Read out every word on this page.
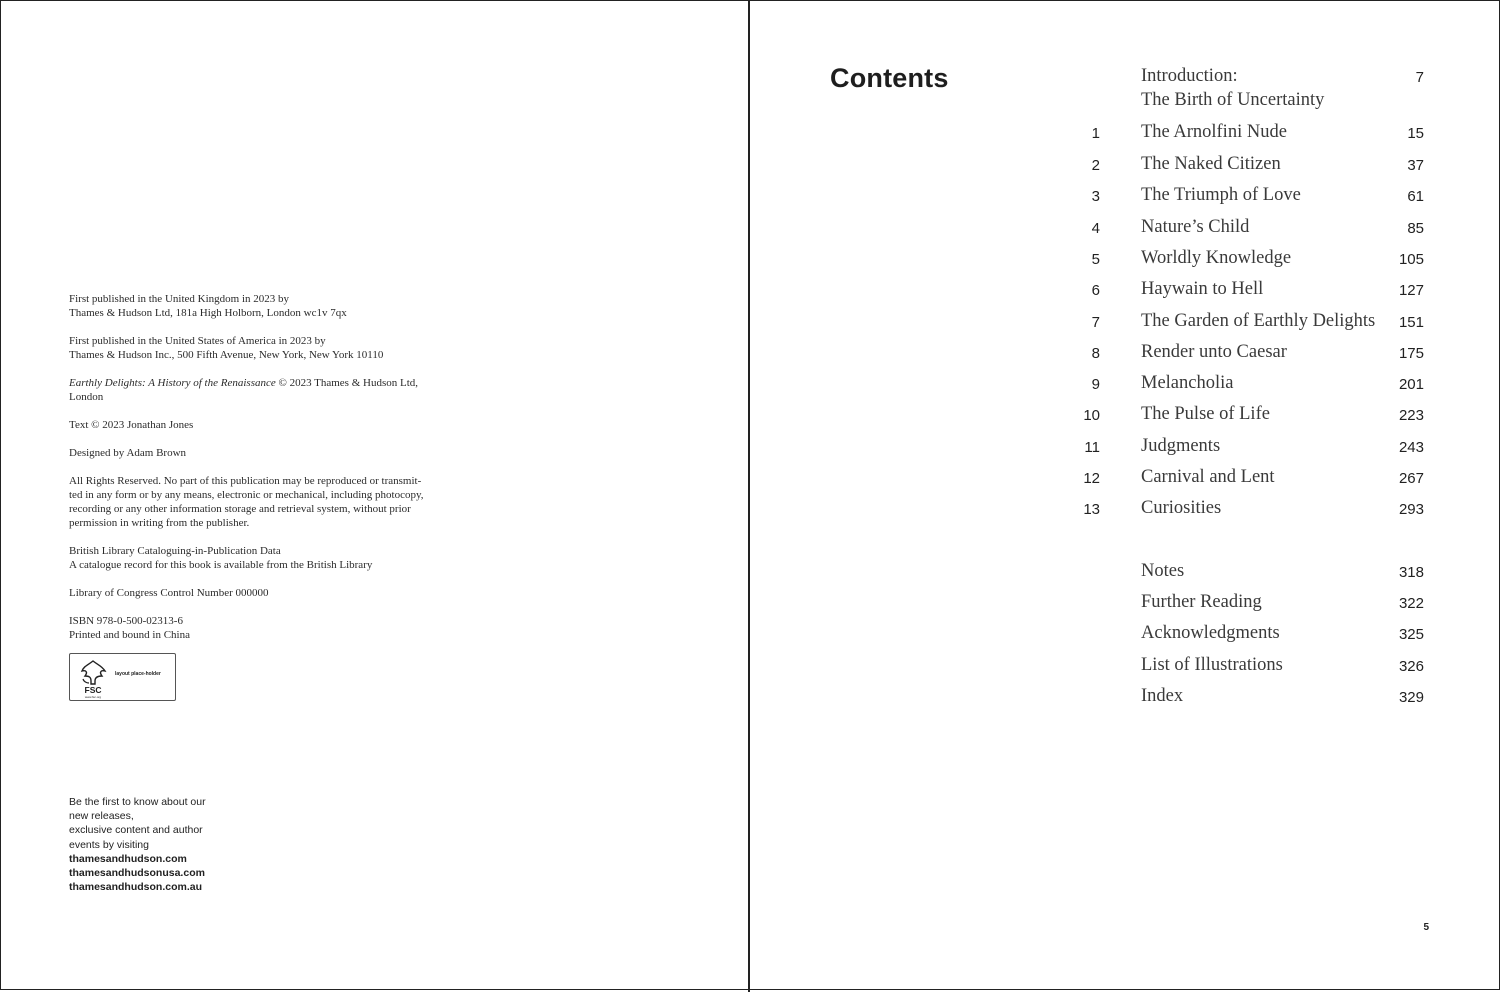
First published in the United Kingdom in 2023 by
Thames & Hudson Ltd, 181a High Holborn, London wc1v 7qx

First published in the United States of America in 2023 by
Thames & Hudson Inc., 500 Fifth Avenue, New York, New York 10110

Earthly Delights: A History of the Renaissance © 2023 Thames & Hudson Ltd,
London

Text © 2023 Jonathan Jones

Designed by Adam Brown

All Rights Reserved. No part of this publication may be reproduced or transmit-
ted in any form or by any means, electronic or mechanical, including photocopy,
recording or any other information storage and retrieval system, without prior
permission in writing from the publisher.

British Library Cataloguing-in-Publication Data
A catalogue record for this book is available from the British Library

Library of Congress Control Number 000000

ISBN 978-0-500-02313-6
Printed and bound in China

FSC
www.fsc.org
layout place-holder
Be the first to know about our
new releases,
exclusive content and author
events by visiting
thamesandhudson.com
thamesandhudsonusa.com
thamesandhudson.com.au
Contents	Introduction:	7
The Birth of Uncertainty
1 The Arnolfini Nude	15
2 The Naked Citizen	37
3 The Triumph of Love	61
4 Nature’s Child	85
5 Worldly Knowledge	105
6 Haywain to Hell	127
7 The Garden of Earthly Delights 151
8 Render unto Caesar	175
9 Melancholia	201
10 The Pulse of Life	223
11 Judgments	243
12 Carnival and Lent	267
13 Curiosities	293
Notes	318
Further Reading	322
Acknowledgments	325
List of Illustrations	326
Index	329
5
